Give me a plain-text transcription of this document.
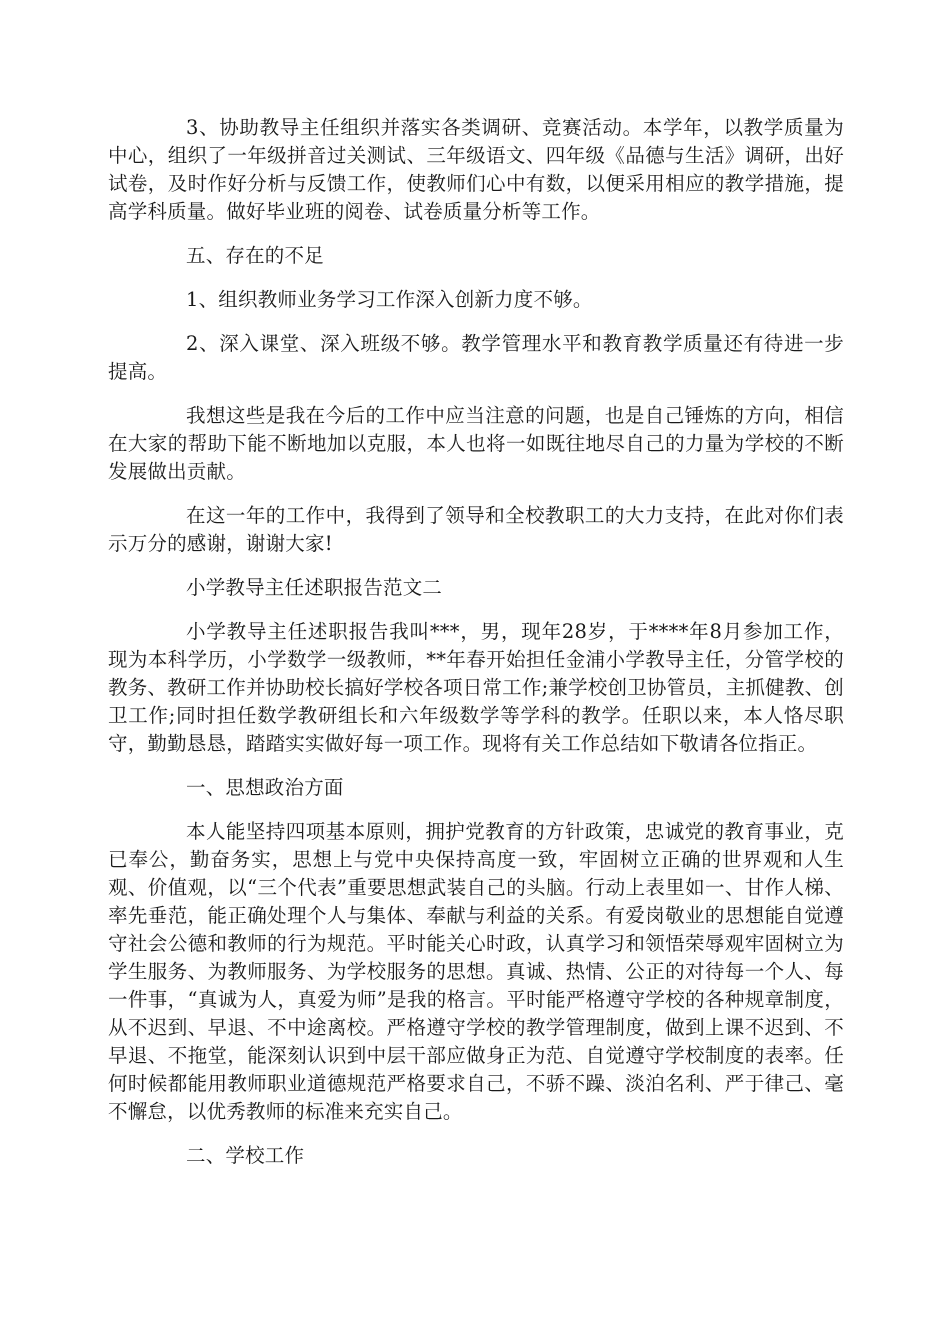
3、协助教导主任组织并落实各类调研、竞赛活动。本学年，以教学质量为中心，组织了一年级拼音过关测试、三年级语文、四年级《品德与生活》调研，出好试卷，及时作好分析与反馈工作，使教师们心中有数，以便采用相应的教学措施，提高学科质量。做好毕业班的阅卷、试卷质量分析等工作。

五、存在的不足

1、组织教师业务学习工作深入创新力度不够。

2、深入课堂、深入班级不够。教学管理水平和教育教学质量还有待进一步提高。

我想这些是我在今后的工作中应当注意的问题，也是自己锤炼的方向，相信在大家的帮助下能不断地加以克服，本人也将一如既往地尽自己的力量为学校的不断发展做出贡献。

在这一年的工作中，我得到了领导和全校教职工的大力支持，在此对你们表示万分的感谢，谢谢大家!

小学教导主任述职报告范文二

小学教导主任述职报告我叫***，男，现年28岁，于****年8月参加工作，现为本科学历，小学数学一级教师，**年春开始担任金浦小学教导主任，分管学校的教务、教研工作并协助校长搞好学校各项日常工作;兼学校创卫协管员，主抓健教、创卫工作;同时担任数学教研组长和六年级数学等学科的教学。任职以来，本人恪尽职守，勤勤恳恳，踏踏实实做好每一项工作。现将有关工作总结如下敬请各位指正。

一、思想政治方面

本人能坚持四项基本原则，拥护党教育的方针政策，忠诚党的教育事业，克已奉公，勤奋务实，思想上与党中央保持高度一致，牢固树立正确的世界观和人生观、价值观，以“三个代表”重要思想武装自己的头脑。行动上表里如一、甘作人梯、率先垂范，能正确处理个人与集体、奉献与利益的关系。有爱岗敬业的思想能自觉遵守社会公德和教师的行为规范。平时能关心时政，认真学习和领悟荣辱观牢固树立为学生服务、为教师服务、为学校服务的思想。真诚、热情、公正的对待每一个人、每一件事，“真诚为人，真爱为师”是我的格言。平时能严格遵守学校的各种规章制度，从不迟到、早退、不中途离校。严格遵守学校的教学管理制度，做到上课不迟到、不早退、不拖堂，能深刻认识到中层干部应做身正为范、自觉遵守学校制度的表率。任何时候都能用教师职业道德规范严格要求自己，不骄不躁、淡泊名利、严于律己、毫不懈怠，以优秀教师的标准来充实自己。

二、学校工作
